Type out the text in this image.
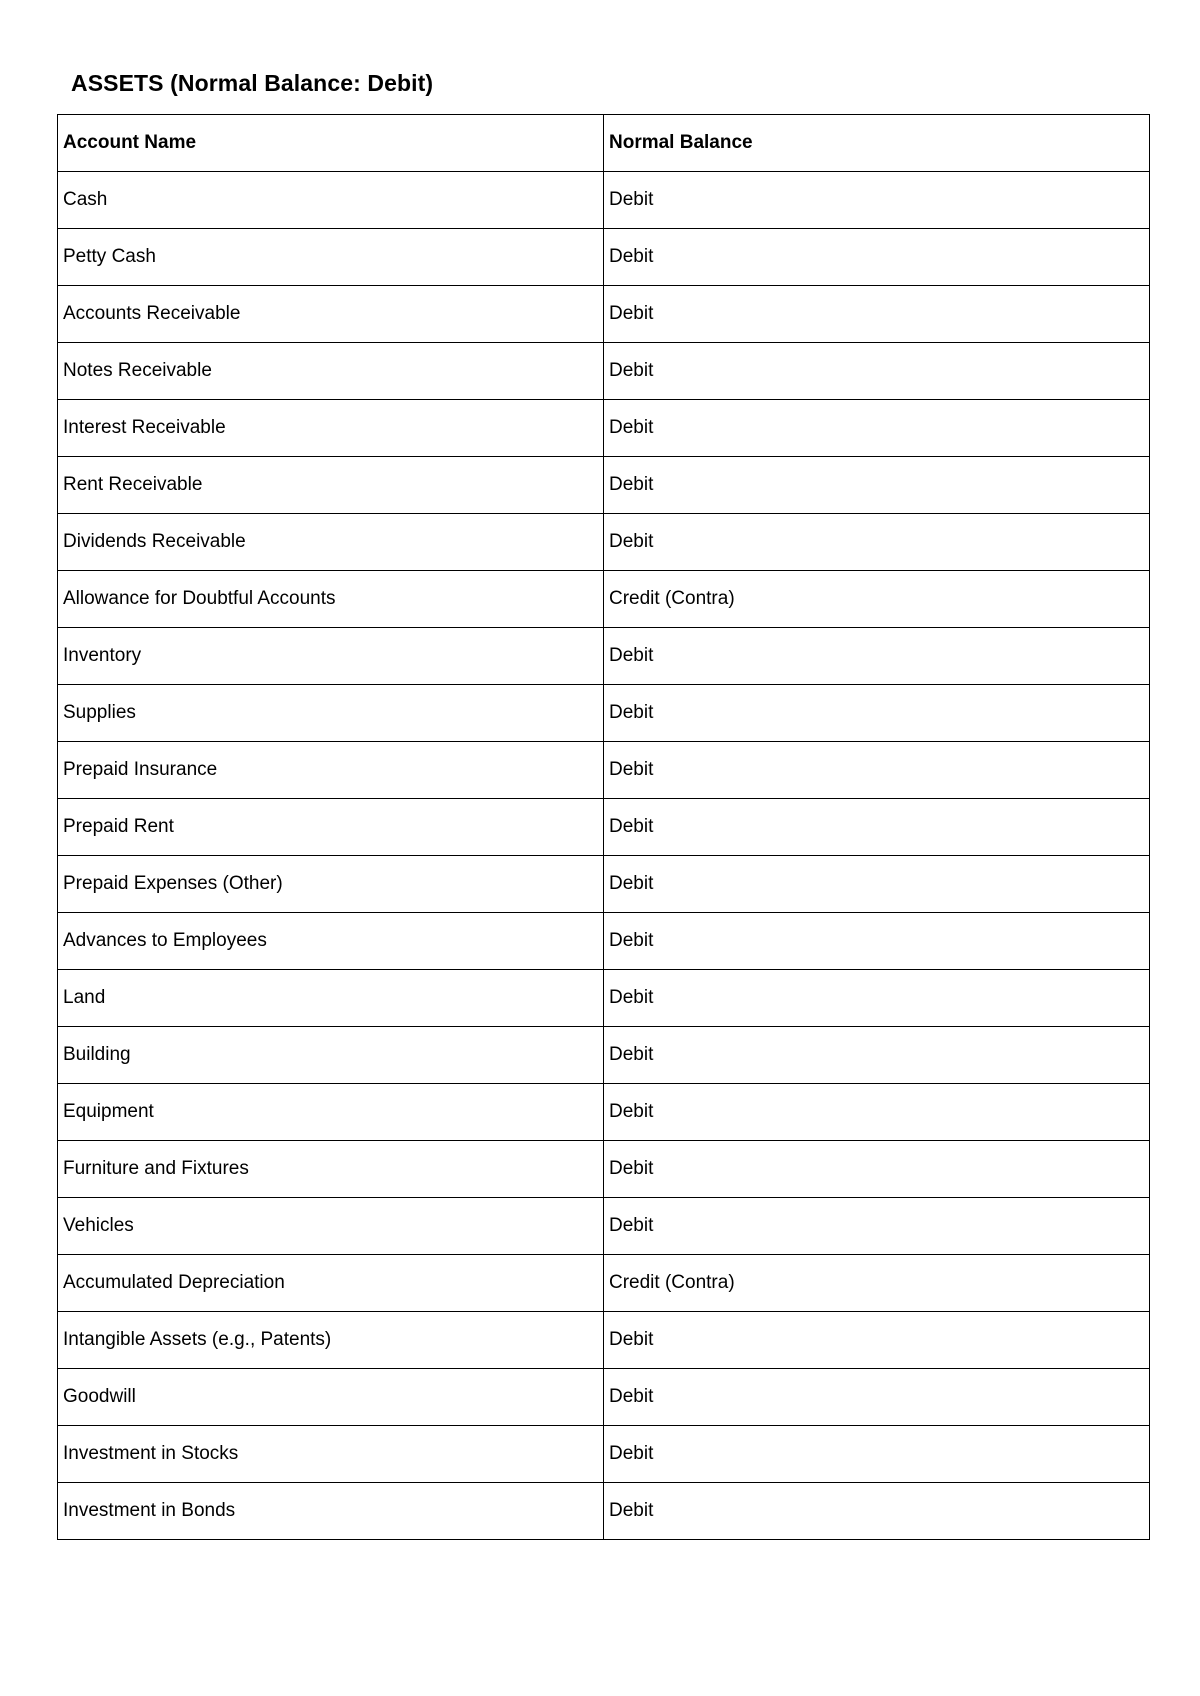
ASSETS (Normal Balance: Debit)
Account Name	Normal Balance
Cash	Debit
Petty Cash	Debit
Accounts Receivable	Debit
Notes Receivable	Debit
Interest Receivable	Debit
Rent Receivable	Debit
Dividends Receivable	Debit
Allowance for Doubtful Accounts	Credit (Contra)
Inventory	Debit
Supplies	Debit
Prepaid Insurance	Debit
Prepaid Rent	Debit
Prepaid Expenses (Other)	Debit
Advances to Employees	Debit
Land	Debit
Building	Debit
Equipment	Debit
Furniture and Fixtures	Debit
Vehicles	Debit
Accumulated Depreciation	Credit (Contra)
Intangible Assets (e.g., Patents)	Debit
Goodwill	Debit
Investment in Stocks	Debit
Investment in Bonds	Debit
